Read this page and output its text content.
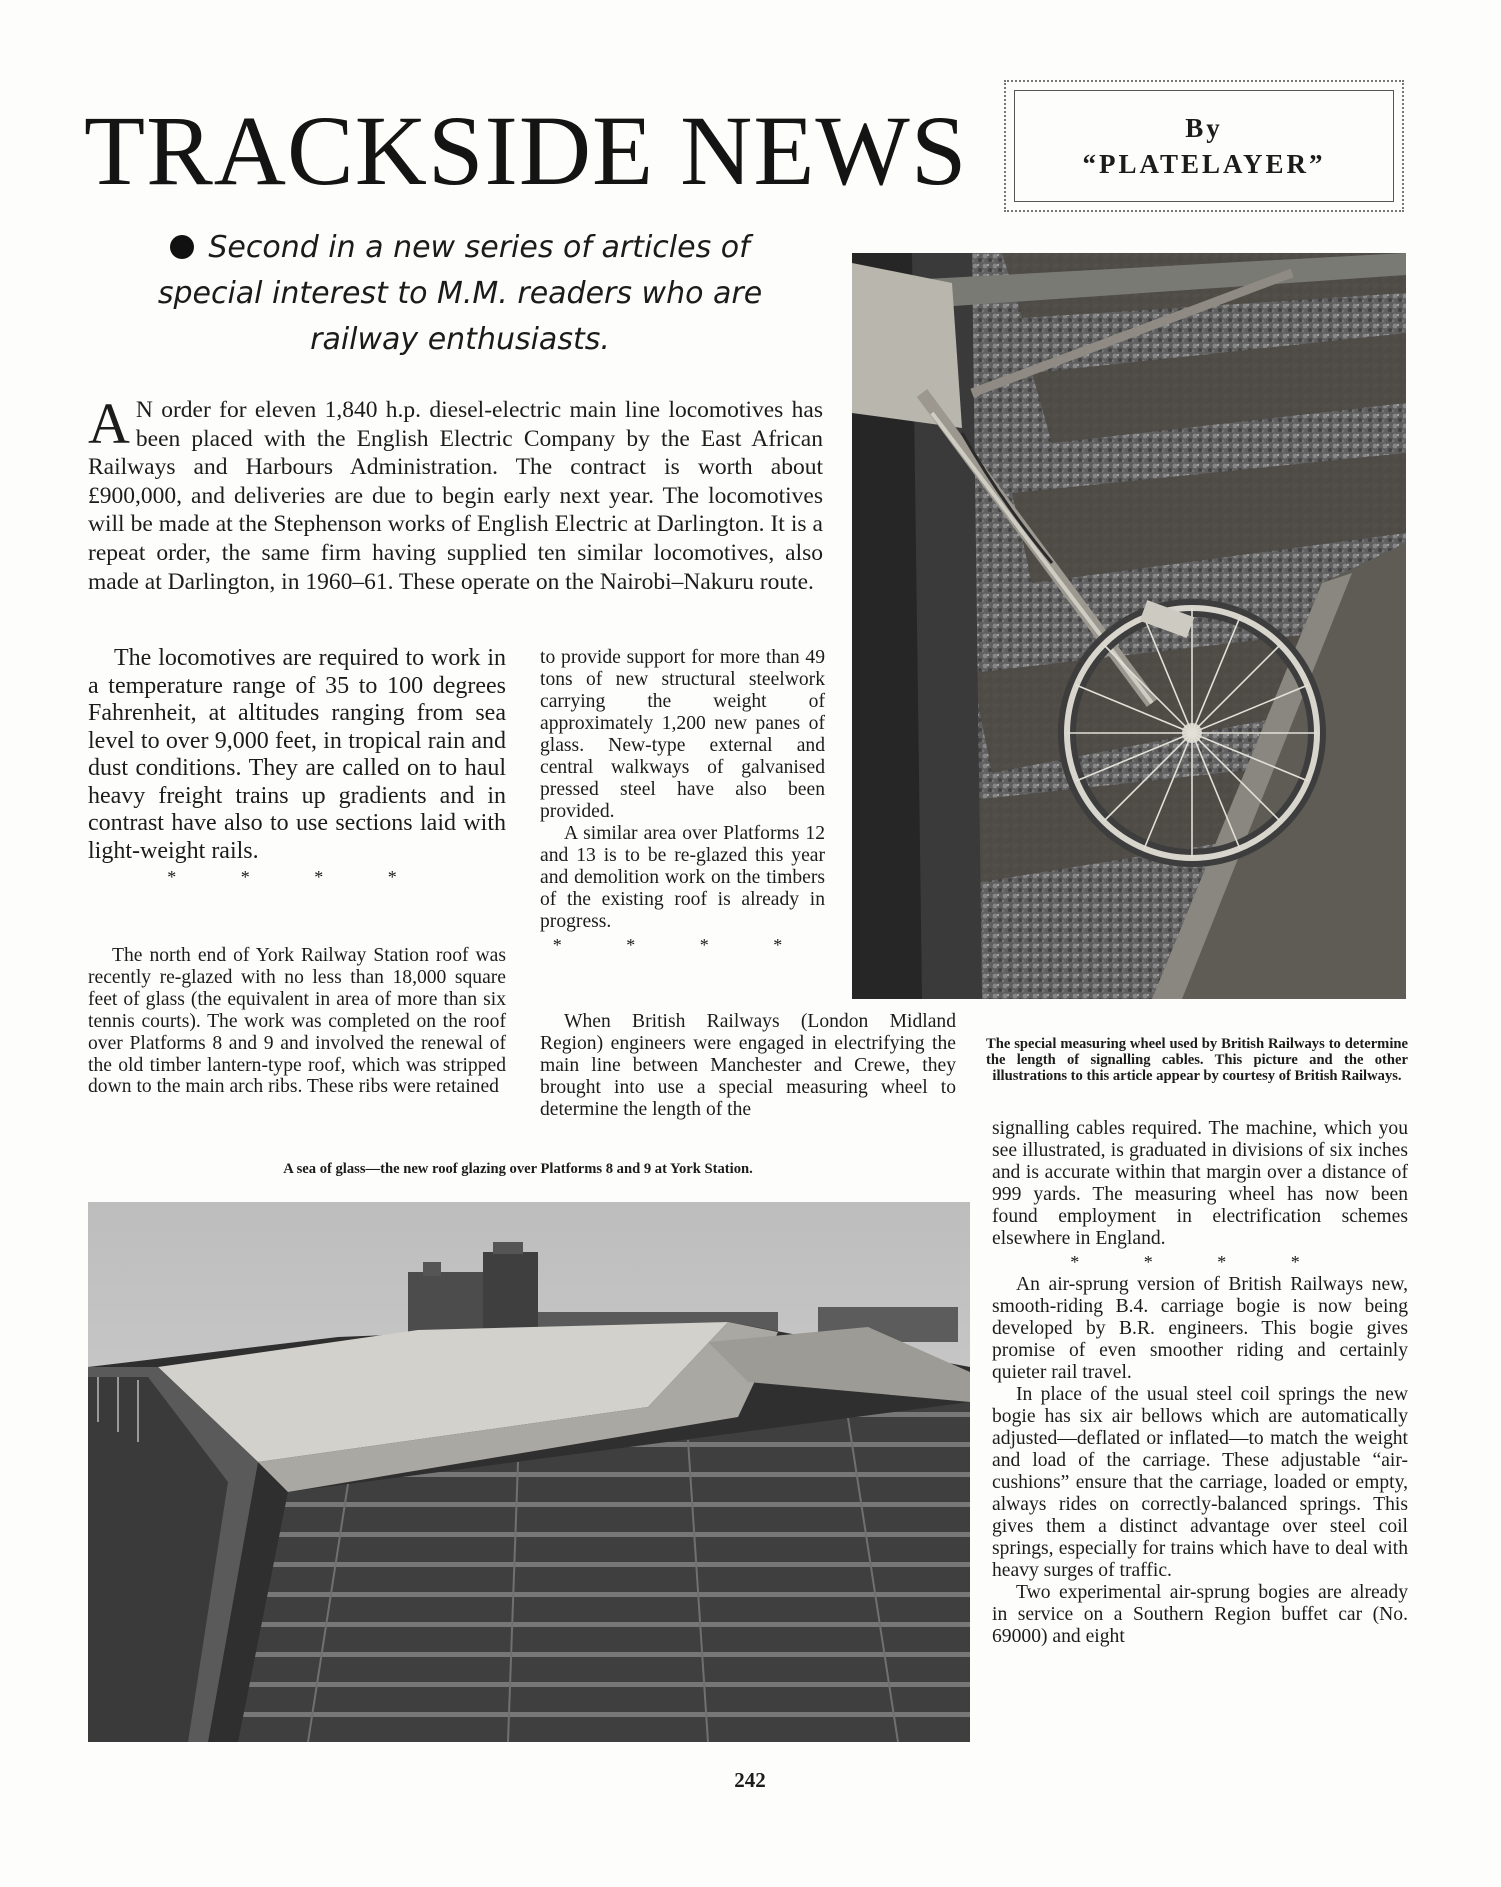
TRACKSIDE NEWS	By
“PLATELAYER”
Second in a new series of articles of
special interest to M.M. readers who are
railway enthusiasts.
A N order for eleven 1,840 h.p. diesel-electric main line locomotives has been placed with the English Electric Company by the East African Railways and Harbours Administration. The contract is worth about £900,000, and deliveries are due to begin early next year. The locomotives will be made at the Stephenson works of English Electric at Darlington. It is a repeat order, the same firm having supplied ten similar locomotives, also made at Darlington, in 1960–61. These operate on the Nairobi–Nakuru route.

The locomotives are required to work in a temperature range of 35 to 100 degrees Fahrenheit, at altitudes ranging from sea level to over 9,000 feet, in tropical rain and dust conditions. They are called on to haul heavy freight trains up gradients and in contrast have also to use sections laid with light-weight rails.

* * * *

The north end of York Railway Station roof was recently re-glazed with no less than 18,000 square feet of glass (the equivalent in area of more than six tennis courts). The work was completed on the roof over Platforms 8 and 9 and involved the renewal of the old timber lantern-type roof, which was stripped down to the main arch ribs. These ribs were retained

to provide support for more than 49 tons of new structural steelwork carrying the weight of approximately 1,200 new panes of glass. New-type external and central walkways of galvanised pressed steel have also been provided.

A similar area over Platforms 12 and 13 is to be re-glazed this year and demolition work on the timbers of the existing roof is already in progress.

* * * *

When British Railways (London Midland Region) engineers were engaged in electrifying the main line between Manchester and Crewe, they brought into use a special measuring wheel to determine the length of the

The special measuring wheel used by British Railways to determine the length of signalling cables. This picture and the other illustrations to this article appear by courtesy of British Railways.

signalling cables required. The machine, which you see illustrated, is graduated in divisions of six inches and is accurate within that margin over a distance of 999 yards. The measuring wheel has now been found employment in electrification schemes elsewhere in England.

* * * *

An air-sprung version of British Railways new, smooth-riding B.4. carriage bogie is now being developed by B.R. engineers. This bogie gives promise of even smoother riding and certainly quieter rail travel.

In place of the usual steel coil springs the new bogie has six air bellows which are automatically adjusted—deflated or inflated—to match the weight and load of the carriage. These adjustable “air-cushions” ensure that the carriage, loaded or empty, always rides on correctly-balanced springs. This gives them a distinct advantage over steel coil springs, especially for trains which have to deal with heavy surges of traffic.

Two experimental air-sprung bogies are already in service on a Southern Region buffet car (No. 69000) and eight

A sea of glass—the new roof glazing over Platforms 8 and 9 at York Station.
242
